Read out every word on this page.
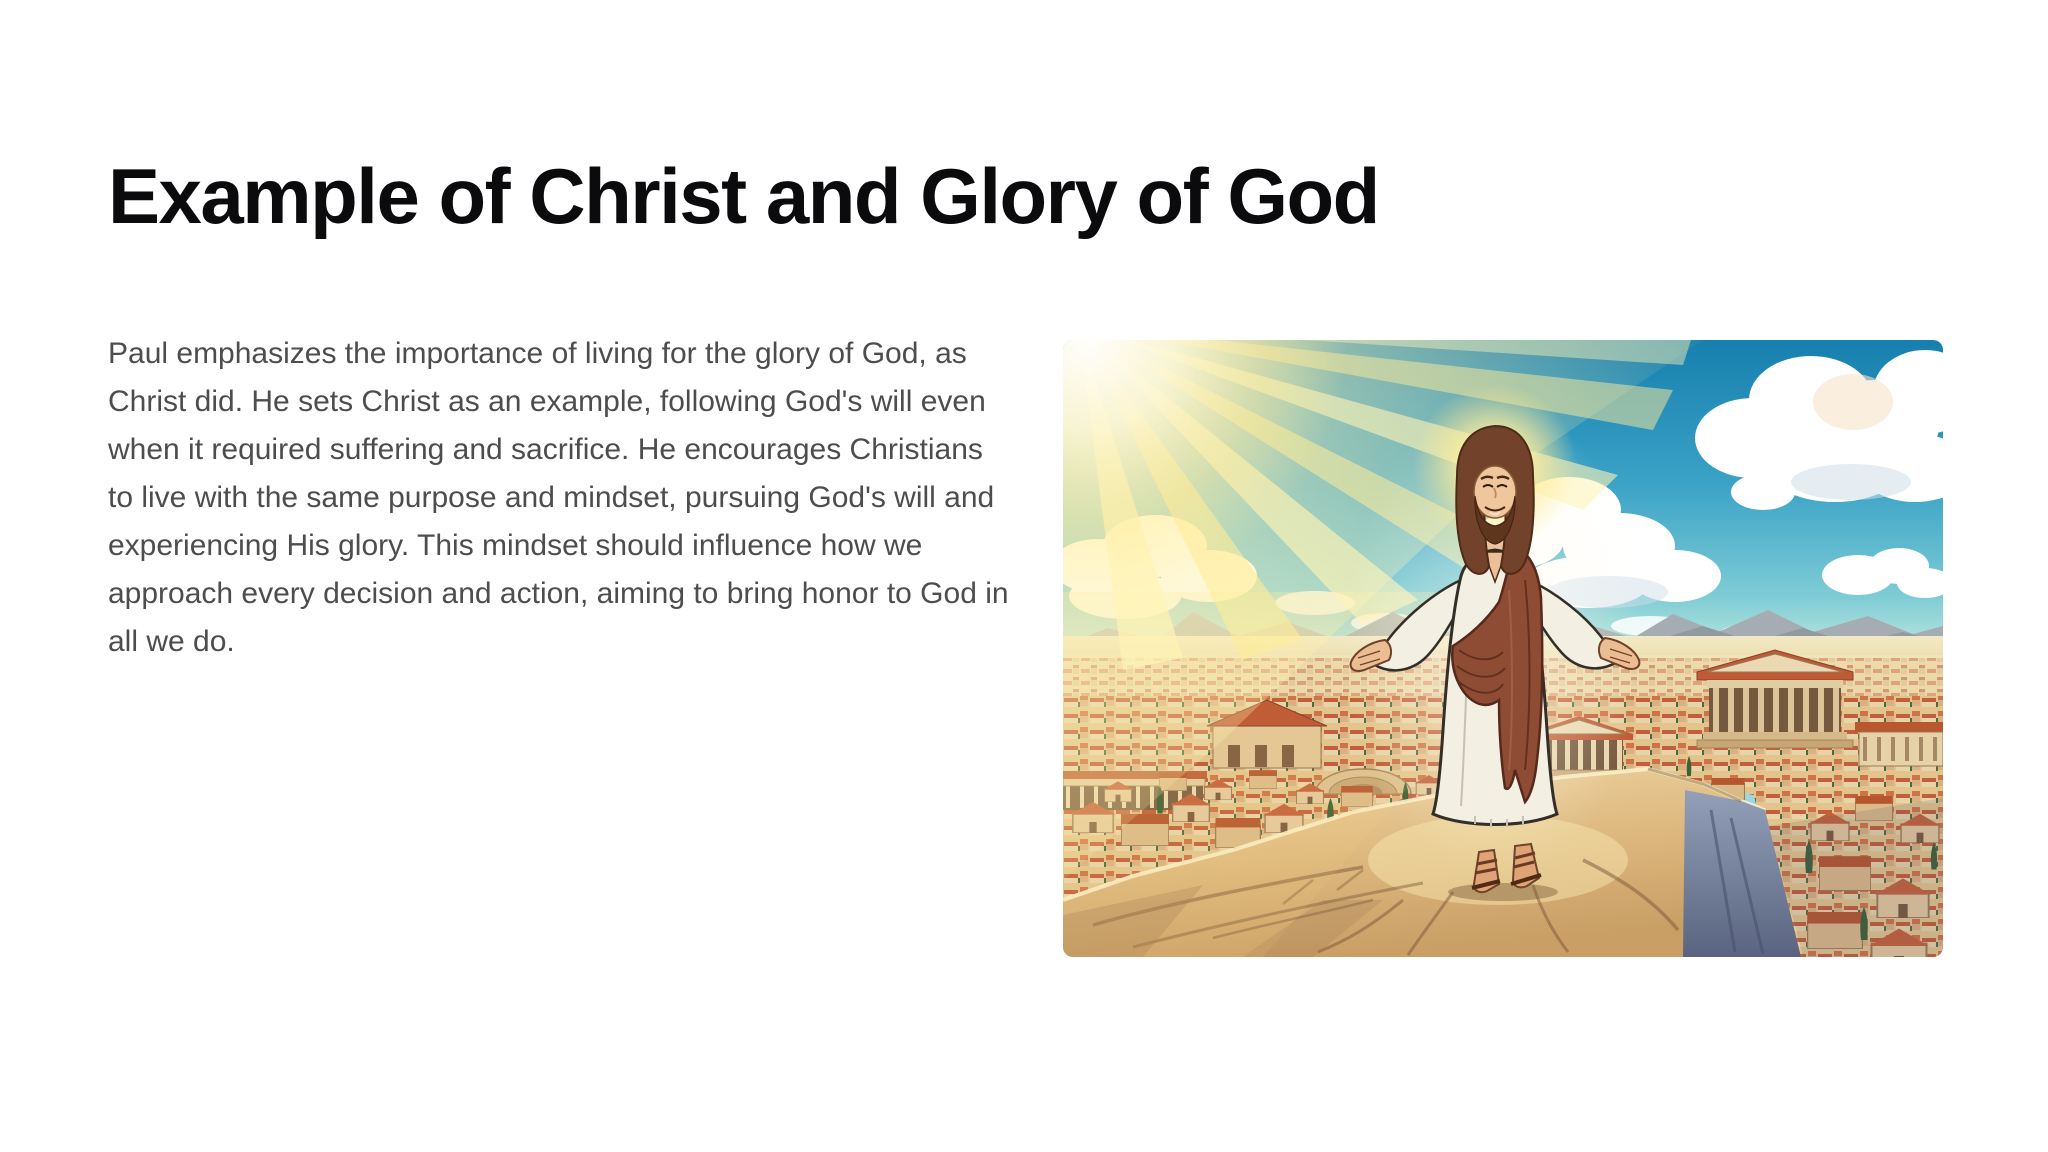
Example of Christ and Glory of God

Paul emphasizes the importance of living for the glory of God, as Christ did. He sets Christ as an example, following God's will even when it required suffering and sacrifice. He encourages Christians to live with the same purpose and mindset, pursuing God's will and experiencing His glory. This mindset should influence how we approach every decision and action, aiming to bring honor to God in all we do.
